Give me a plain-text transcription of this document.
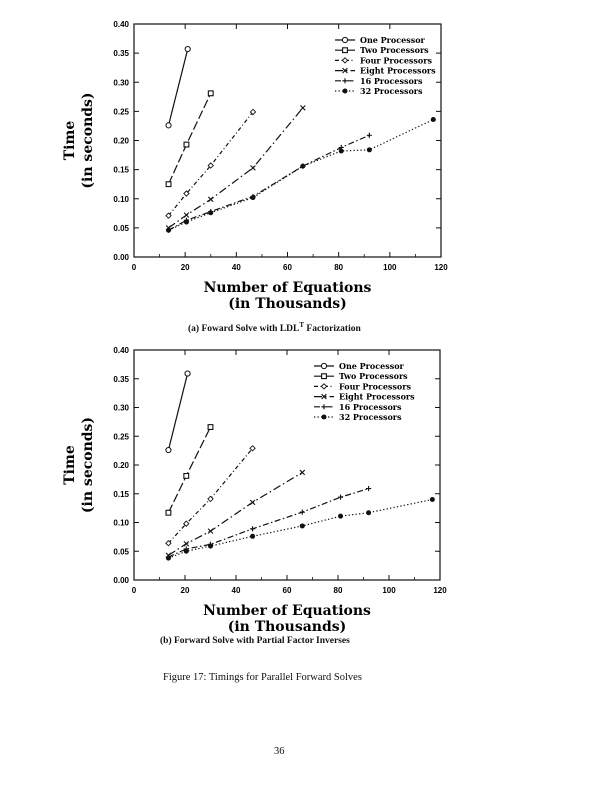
0.00
0.05
0.10
0.15
0.20
0.25
0.30
0.35
0.40
0	20	40	60	80	100	120
Number of Equations
(in Thousands)
Time (in seconds)
One Processor
Two Processors
Four Processors
Eight Processors
16 Processors
32 Processors
0.00
0.05
0.10
0.15
0.20
0.25
0.30
0.35
0.40
0	20	40	60	80	100	120
Number of Equations
(in Thousands)
Time (in seconds)
One Processor
Two Processors
Four Processors
Eight Processors
16 Processors
32 Processors
(a) Foward Solve with $LDL^T$ Factorization
(b) Forward Solve with Partial Factor Inverses
Figure 17: Timings for Parallel Forward Solves
36
